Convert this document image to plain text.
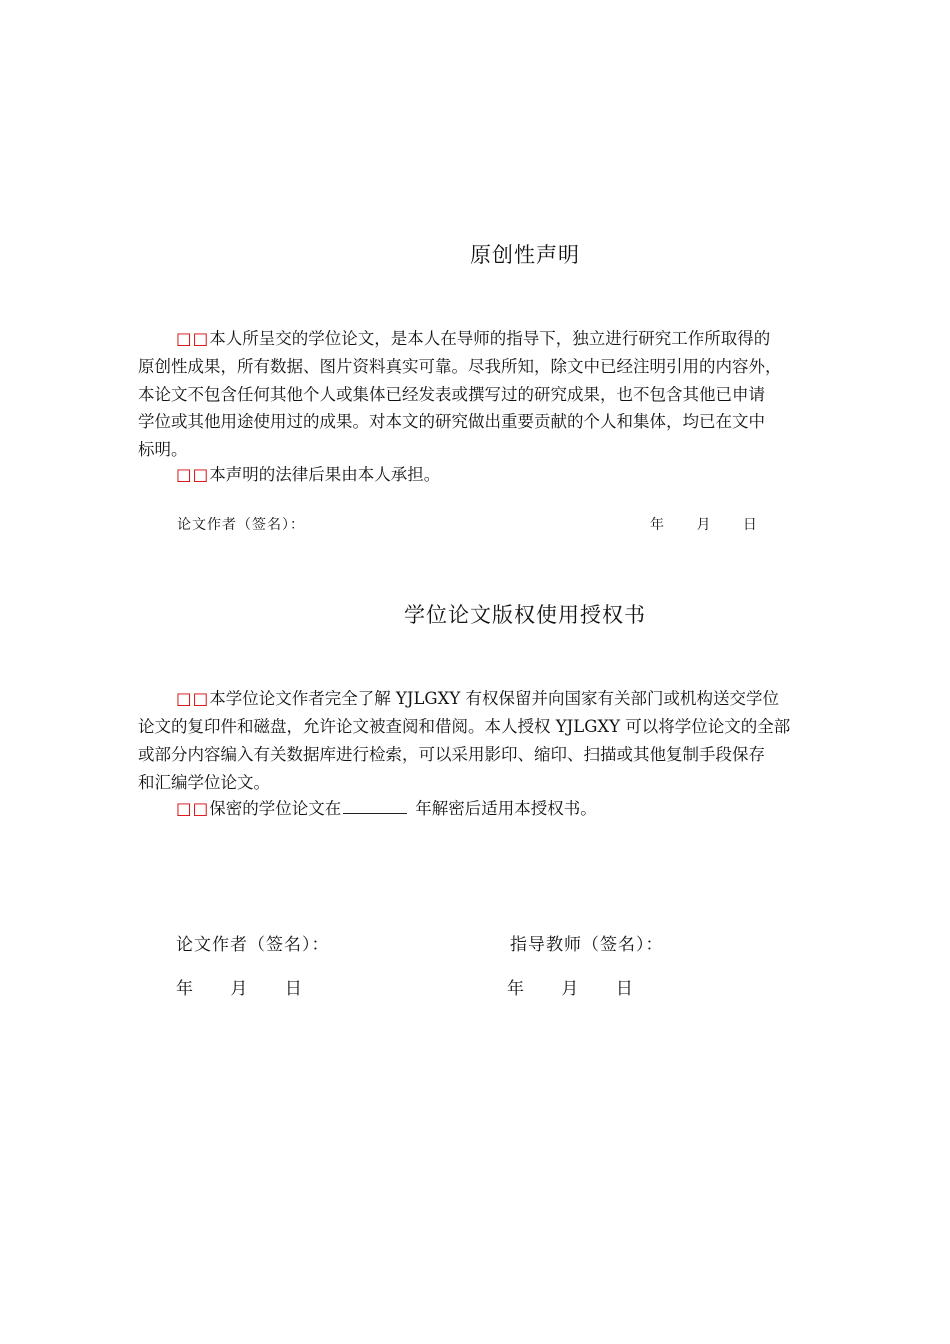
原创性声明
□□本人所呈交的学位论文，是本人在导师的指导下，独立进行研究工作所取得的
原创性成果，所有数据、图片资料真实可靠。尽我所知，除文中已经注明引用的内容外，
本论文不包含任何其他个人或集体已经发表或撰写过的研究成果，也不包含其他已申请
学位或其他用途使用过的成果。对本文的研究做出重要贡献的个人和集体，均已在文中
标明。
□□本声明的法律后果由本人承担。
论文作者（签名）：	年 月 日
学位论文版权使用授权书
□□本学位论文作者完全了解 YJLGXY 有权保留并向国家有关部门或机构送交学位
论文的复印件和磁盘，允许论文被查阅和借阅。本人授权 YJLGXY 可以将学位论文的全部
或部分内容编入有关数据库进行检索，可以采用影印、缩印、扫描或其他复制手段保存
和汇编学位论文。
□□保密的学位论文在	年解密后适用本授权书。
论文作者（签名）：	指导教师（签名）：
年 月 日	年 月 日
